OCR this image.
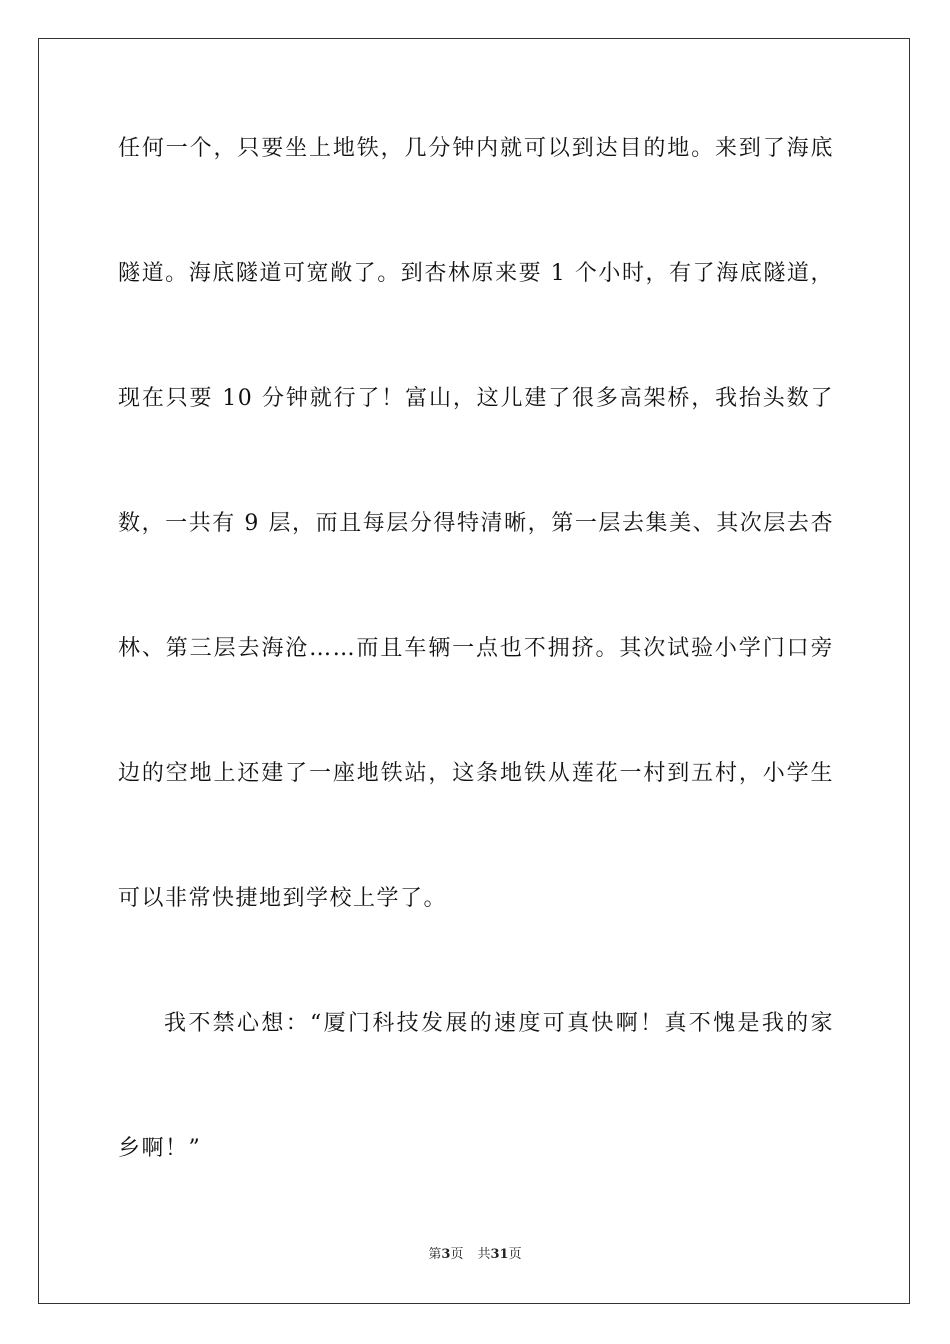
任何一个，只要坐上地铁，几分钟内就可以到达目的地。来到了海底
隧道。海底隧道可宽敞了。到杏林原来要 1 个小时，有了海底隧道，
现在只要 10 分钟就行了！富山，这儿建了很多高架桥，我抬头数了
数，一共有 9 层，而且每层分得特清晰，第一层去集美、其次层去杏
林、第三层去海沧……而且车辆一点也不拥挤。其次试验小学门口旁
边的空地上还建了一座地铁站，这条地铁从莲花一村到五村，小学生
可以非常快捷地到学校上学了。
我不禁心想：“厦门科技发展的速度可真快啊！真不愧是我的家
乡啊！”
第3页 共31页
